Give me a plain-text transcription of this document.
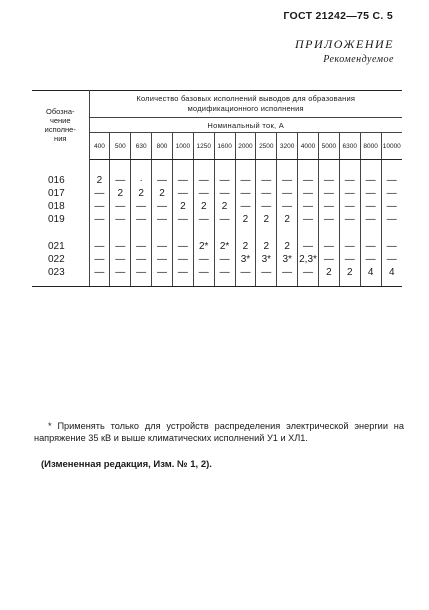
ГОСТ 21242—75 С. 5
ПРИЛОЖЕНИЕ
Рекомендуемое
Обозна-
чение
исполне-
ния	Количество базовых исполнений выводов для образования
модификационного исполнения														
	Номинальный ток, А														
	400	500	630	800	1000	1250	1600	2000	2500	3200	4000	5000	6300	8000	10000

016	2	—	·	—	—	—	—	—	—	—	—	—	—	—	—
017	—	2	2	2	—	—	—	—	—	—	—	—	—	—	—
018	—	—	—	—	2	2	2	—	—	—	—	—	—	—	—
019	—	—	—	—	—	—	—	2	2	2	—	—	—	—	—

021	—	—	—	—	—	2*	2*	2	2	2	—	—	—	—	—
022	—	—	—	—	—	—	—	3*	3*	3*	2,3*	—	—	—	—
023	—	—	—	—	—	—	—	—	—	—	—	2	2	4	4
* Применять только для устройств распределения электрической энергии на напряжение 35 кВ и выше климатических исполнений У1 и ХЛ1.
(Измененная редакция, Изм. № 1, 2).
